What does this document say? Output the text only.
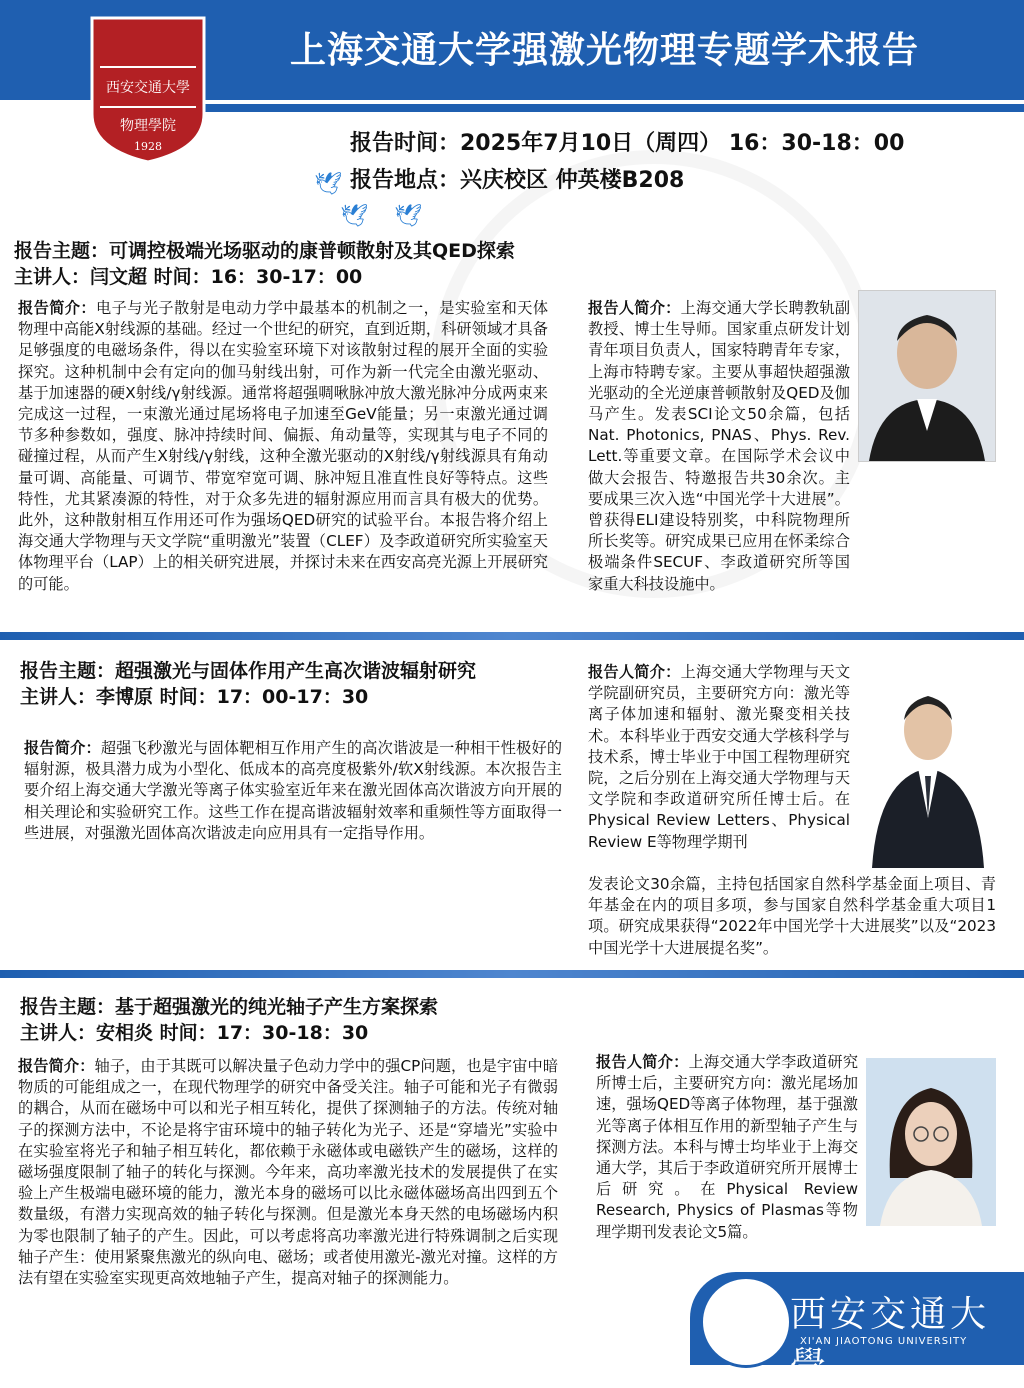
上海交通大学强激光物理专题学术报告
西安交通大學
物理學院
1928	报告时间：2025年7月10日（周四） 16：30-18：00
报告地点：兴庆校区 仲英楼B208
🕊
🕊 🕊
报告主题：可调控极端光场驱动的康普顿散射及其QED探索
主讲人：闫文超 时间：16：30-17：00
报告简介：电子与光子散射是电动力学中最基本的机制之一，是实验室和天体物理中高能X射线源的基础。经过一个世纪的研究，直到近期，科研领域才具备足够强度的电磁场条件，得以在实验室环境下对该散射过程的展开全面的实验探究。这种机制中会有定向的伽马射线出射，可作为新一代完全由激光驱动、基于加速器的硬X射线/γ射线源。通常将超强啁啾脉冲放大激光脉冲分成两束来完成这一过程，一束激光通过尾场将电子加速至GeV能量；另一束激光通过调节多种参数如，强度、脉冲持续时间、偏振、角动量等，实现其与电子不同的碰撞过程，从而产生X射线/γ射线，这种全激光驱动的X射线/γ射线源具有角动量可调、高能量、可调节、带宽窄宽可调、脉冲短且准直性良好等特点。这些特性，尤其紧凑源的特性，对于众多先进的辐射源应用而言具有极大的优势。此外，这种散射相互作用还可作为强场QED研究的试验平台。本报告将介绍上海交通大学物理与天文学院“重明激光”装置（CLEF）及李政道研究所实验室天体物理平台（LAP）上的相关研究进展，并探讨未来在西安高亮光源上开展研究的可能。
报告人简介：上海交通大学长聘教轨副教授、博士生导师。国家重点研发计划青年项目负责人，国家特聘青年专家，上海市特聘专家。主要从事超快超强激光驱动的全光逆康普顿散射及QED及伽马产生。发表SCI论文50余篇，包括Nat. Photonics, PNAS、Phys. Rev. Lett.等重要文章。在国际学术会议中做大会报告、特邀报告共30余次。主要成果三次入选“中国光学十大进展”。曾获得ELI建设特别奖，中科院物理所所长奖等。研究成果已应用在怀柔综合极端条件SECUF、李政道研究所等国家重大科技设施中。
报告主题：超强激光与固体作用产生高次谐波辐射研究
主讲人：李博原 时间：17：00-17：30
报告简介：超强飞秒激光与固体靶相互作用产生的高次谐波是一种相干性极好的辐射源，极具潜力成为小型化、低成本的高亮度极紫外/软X射线源。本次报告主要介绍上海交通大学激光等离子体实验室近年来在激光固体高次谐波方向开展的相关理论和实验研究工作。这些工作在提高谐波辐射效率和重频性等方面取得一些进展，对强激光固体高次谐波走向应用具有一定指导作用。
报告人简介：上海交通大学物理与天文学院副研究员，主要研究方向：激光等离子体加速和辐射、激光聚变相关技术。本科毕业于西安交通大学核科学与技术系，博士毕业于中国工程物理研究院，之后分别在上海交通大学物理与天文学院和李政道研究所任博士后。在Physical Review Letters、Physical Review E等物理学期刊
发表论文30余篇，主持包括国家自然科学基金面上项目、青年基金在内的项目多项，参与国家自然科学基金重大项目1项。研究成果获得“2022年中国光学十大进展奖”以及“2023中国光学十大进展提名奖”。
报告主题：基于超强激光的纯光轴子产生方案探索
主讲人：安相炎 时间：17：30-18：30
报告简介：轴子，由于其既可以解决量子色动力学中的强CP问题，也是宇宙中暗物质的可能组成之一，在现代物理学的研究中备受关注。轴子可能和光子有微弱的耦合，从而在磁场中可以和光子相互转化，提供了探测轴子的方法。传统对轴子的探测方法中，不论是将宇宙环境中的轴子转化为光子、还是“穿墙光”实验中在实验室将光子和轴子相互转化，都依赖于永磁体或电磁铁产生的磁场，这样的磁场强度限制了轴子的转化与探测。今年来，高功率激光技术的发展提供了在实验上产生极端电磁环境的能力，激光本身的磁场可以比永磁体磁场高出四到五个数量级，有潜力实现高效的轴子转化与探测。但是激光本身天然的电场磁场内积为零也限制了轴子的产生。因此，可以考虑将高功率激光进行特殊调制之后实现轴子产生：使用紧聚焦激光的纵向电、磁场；或者使用激光-激光对撞。这样的方法有望在实验室实现更高效地轴子产生，提高对轴子的探测能力。
报告人简介：上海交通大学李政道研究所博士后，主要研究方向：激光尾场加速，强场QED等离子体物理，基于强激光等离子体相互作用的新型轴子产生与探测方法。本科与博士均毕业于上海交通大学，其后于李政道研究所开展博士后研究。在Physical Review Research, Physics of Plasmas等物理学期刊发表论文5篇。
西安交通大學
XI'AN JIAOTONG UNIVERSITY
